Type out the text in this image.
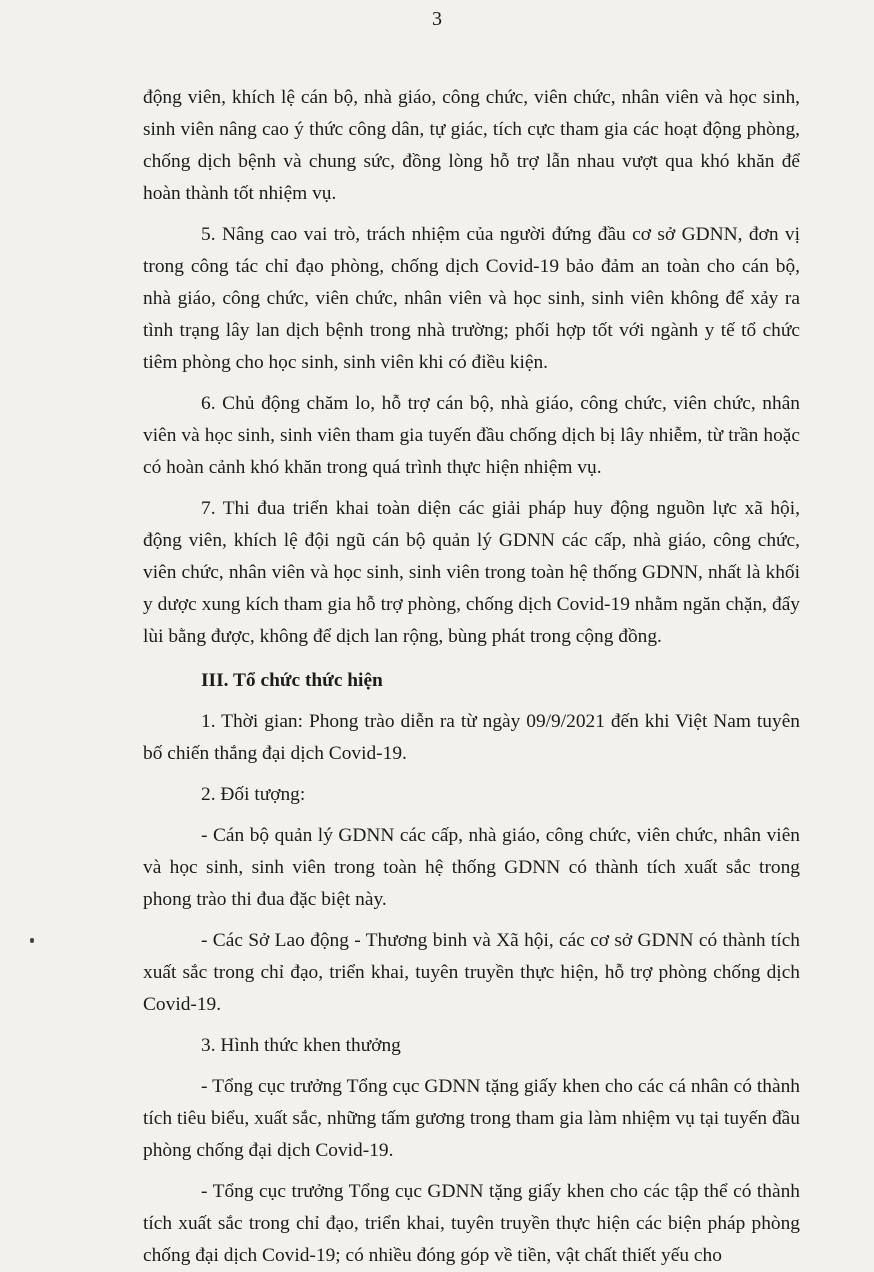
3

động viên, khích lệ cán bộ, nhà giáo, công chức, viên chức, nhân viên và học sinh, sinh viên nâng cao ý thức công dân, tự giác, tích cực tham gia các hoạt động phòng, chống dịch bệnh và chung sức, đồng lòng hỗ trợ lẫn nhau vượt qua khó khăn để hoàn thành tốt nhiệm vụ.

5. Nâng cao vai trò, trách nhiệm của người đứng đầu cơ sở GDNN, đơn vị trong công tác chỉ đạo phòng, chống dịch Covid-19 bảo đảm an toàn cho cán bộ, nhà giáo, công chức, viên chức, nhân viên và học sinh, sinh viên không để xảy ra tình trạng lây lan dịch bệnh trong nhà trường; phối hợp tốt với ngành y tế tổ chức tiêm phòng cho học sinh, sinh viên khi có điều kiện.

6. Chủ động chăm lo, hỗ trợ cán bộ, nhà giáo, công chức, viên chức, nhân viên và học sinh, sinh viên tham gia tuyến đầu chống dịch bị lây nhiễm, từ trần hoặc có hoàn cảnh khó khăn trong quá trình thực hiện nhiệm vụ.

7. Thi đua triển khai toàn diện các giải pháp huy động nguồn lực xã hội, động viên, khích lệ đội ngũ cán bộ quản lý GDNN các cấp, nhà giáo, công chức, viên chức, nhân viên và học sinh, sinh viên trong toàn hệ thống GDNN, nhất là khối y dược xung kích tham gia hỗ trợ phòng, chống dịch Covid-19 nhằm ngăn chặn, đẩy lùi bằng được, không để dịch lan rộng, bùng phát trong cộng đồng.

III. Tổ chức thức hiện

1. Thời gian: Phong trào diễn ra từ ngày 09/9/2021 đến khi Việt Nam tuyên bố chiến thắng đại dịch Covid-19.

2. Đối tượng:

- Cán bộ quản lý GDNN các cấp, nhà giáo, công chức, viên chức, nhân viên và học sinh, sinh viên trong toàn hệ thống GDNN có thành tích xuất sắc trong phong trào thi đua đặc biệt này.

- Các Sở Lao động - Thương binh và Xã hội, các cơ sở GDNN có thành tích xuất sắc trong chỉ đạo, triển khai, tuyên truyền thực hiện, hỗ trợ phòng chống dịch Covid-19.

3. Hình thức khen thưởng

- Tổng cục trưởng Tổng cục GDNN tặng giấy khen cho các cá nhân có thành tích tiêu biểu, xuất sắc, những tấm gương trong tham gia làm nhiệm vụ tại tuyến đầu phòng chống đại dịch Covid-19.

- Tổng cục trưởng Tổng cục GDNN tặng giấy khen cho các tập thể có thành tích xuất sắc trong chỉ đạo, triển khai, tuyên truyền thực hiện các biện pháp phòng chống đại dịch Covid-19; có nhiều đóng góp về tiền, vật chất thiết yếu cho
